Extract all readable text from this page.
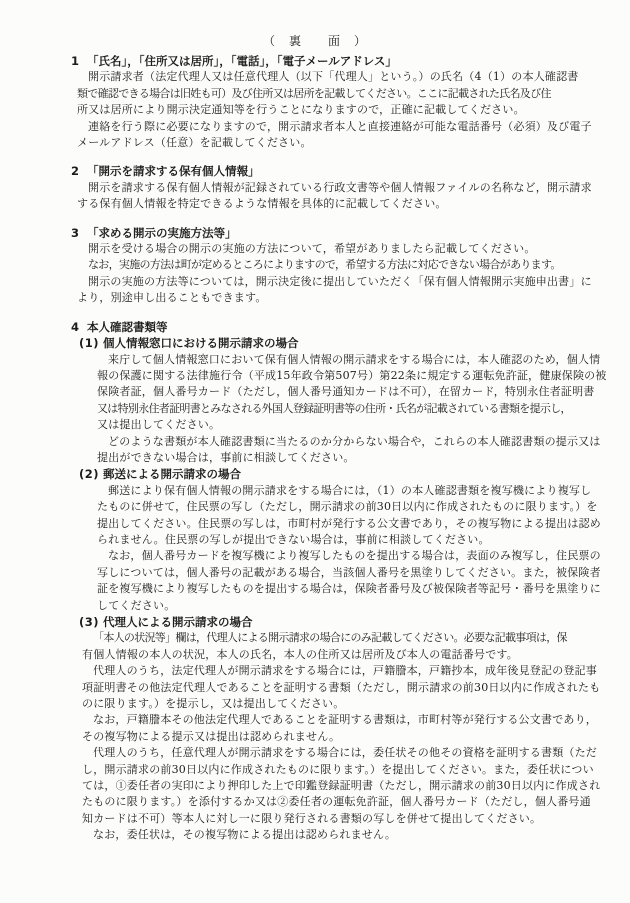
（　裏　　面　）
1 「氏名」，「住所又は居所」，「電話」，「電子メールアドレス」
開示請求者（法定代理人又は任意代理人（以下「代理人」という。）の氏名（4（1）の本人確認書
類で確認できる場合は旧姓も可）及び住所又は居所を記載してください。ここに記載された氏名及び住
所又は居所により開示決定通知等を行うことになりますので，正確に記載してください。
連絡を行う際に必要になりますので，開示請求者本人と直接連絡が可能な電話番号（必須）及び電子
メールアドレス（任意）を記載してください。
2 「開示を請求する保有個人情報」
開示を請求する保有個人情報が記録されている行政文書等や個人情報ファイルの名称など，開示請求
する保有個人情報を特定できるような情報を具体的に記載してください。
3 「求める開示の実施方法等」
開示を受ける場合の開示の実施の方法について，希望がありましたら記載してください。
なお，実施の方法は町が定めるところによりますので，希望する方法に対応できない場合があります。
開示の実施の方法等については，開示決定後に提出していただく「保有個人情報開示実施申出書」に
より，別途申し出ることもできます。
4 本人確認書類等
(1) 個人情報窓口における開示請求の場合
来庁して個人情報窓口において保有個人情報の開示請求をする場合には，本人確認のため，個人情
報の保護に関する法律施行令（平成15年政令第507号）第22条に規定する運転免許証，健康保険の被
保険者証，個人番号カード（ただし，個人番号通知カードは不可），在留カード，特別永住者証明書
又は特別永住者証明書とみなされる外国人登録証明書等の住所・氏名が記載されている書類を提示し，
又は提出してください。
どのような書類が本人確認書類に当たるのか分からない場合や，これらの本人確認書類の提示又は
提出ができない場合は，事前に相談してください。
(2) 郵送による開示請求の場合
郵送により保有個人情報の開示請求をする場合には，（1）の本人確認書類を複写機により複写し
たものに併せて，住民票の写し（ただし，開示請求の前30日以内に作成されたものに限ります。）を
提出してください。住民票の写しは，市町村が発行する公文書であり，その複写物による提出は認め
られません。住民票の写しが提出できない場合は，事前に相談してください。
なお，個人番号カードを複写機により複写したものを提出する場合は，表面のみ複写し，住民票の
写しについては，個人番号の記載がある場合，当該個人番号を黒塗りしてください。また，被保険者
証を複写機により複写したものを提出する場合は，保険者番号及び被保険者等記号・番号を黒塗りに
してください。
(3) 代理人による開示請求の場合
「本人の状況等」欄は，代理人による開示請求の場合にのみ記載してください。必要な記載事項は，保
有個人情報の本人の状況，本人の氏名，本人の住所又は居所及び本人の電話番号です。
代理人のうち，法定代理人が開示請求をする場合には，戸籍謄本，戸籍抄本，成年後見登記の登記事
項証明書その他法定代理人であることを証明する書類（ただし，開示請求の前30日以内に作成されたも
のに限ります。）を提示し，又は提出してください。
なお，戸籍謄本その他法定代理人であることを証明する書類は，市町村等が発行する公文書であり，
その複写物による提示又は提出は認められません。
代理人のうち，任意代理人が開示請求をする場合には，委任状その他その資格を証明する書類（ただ
し，開示請求の前30日以内に作成されたものに限ります。）を提出してください。また，委任状につい
ては，①委任者の実印により押印した上で印鑑登録証明書（ただし，開示請求の前30日以内に作成され
たものに限ります。）を添付するか又は②委任者の運転免許証，個人番号カード（ただし，個人番号通
知カードは不可）等本人に対し一に限り発行される書類の写しを併せて提出してください。
なお，委任状は，その複写物による提出は認められません。
